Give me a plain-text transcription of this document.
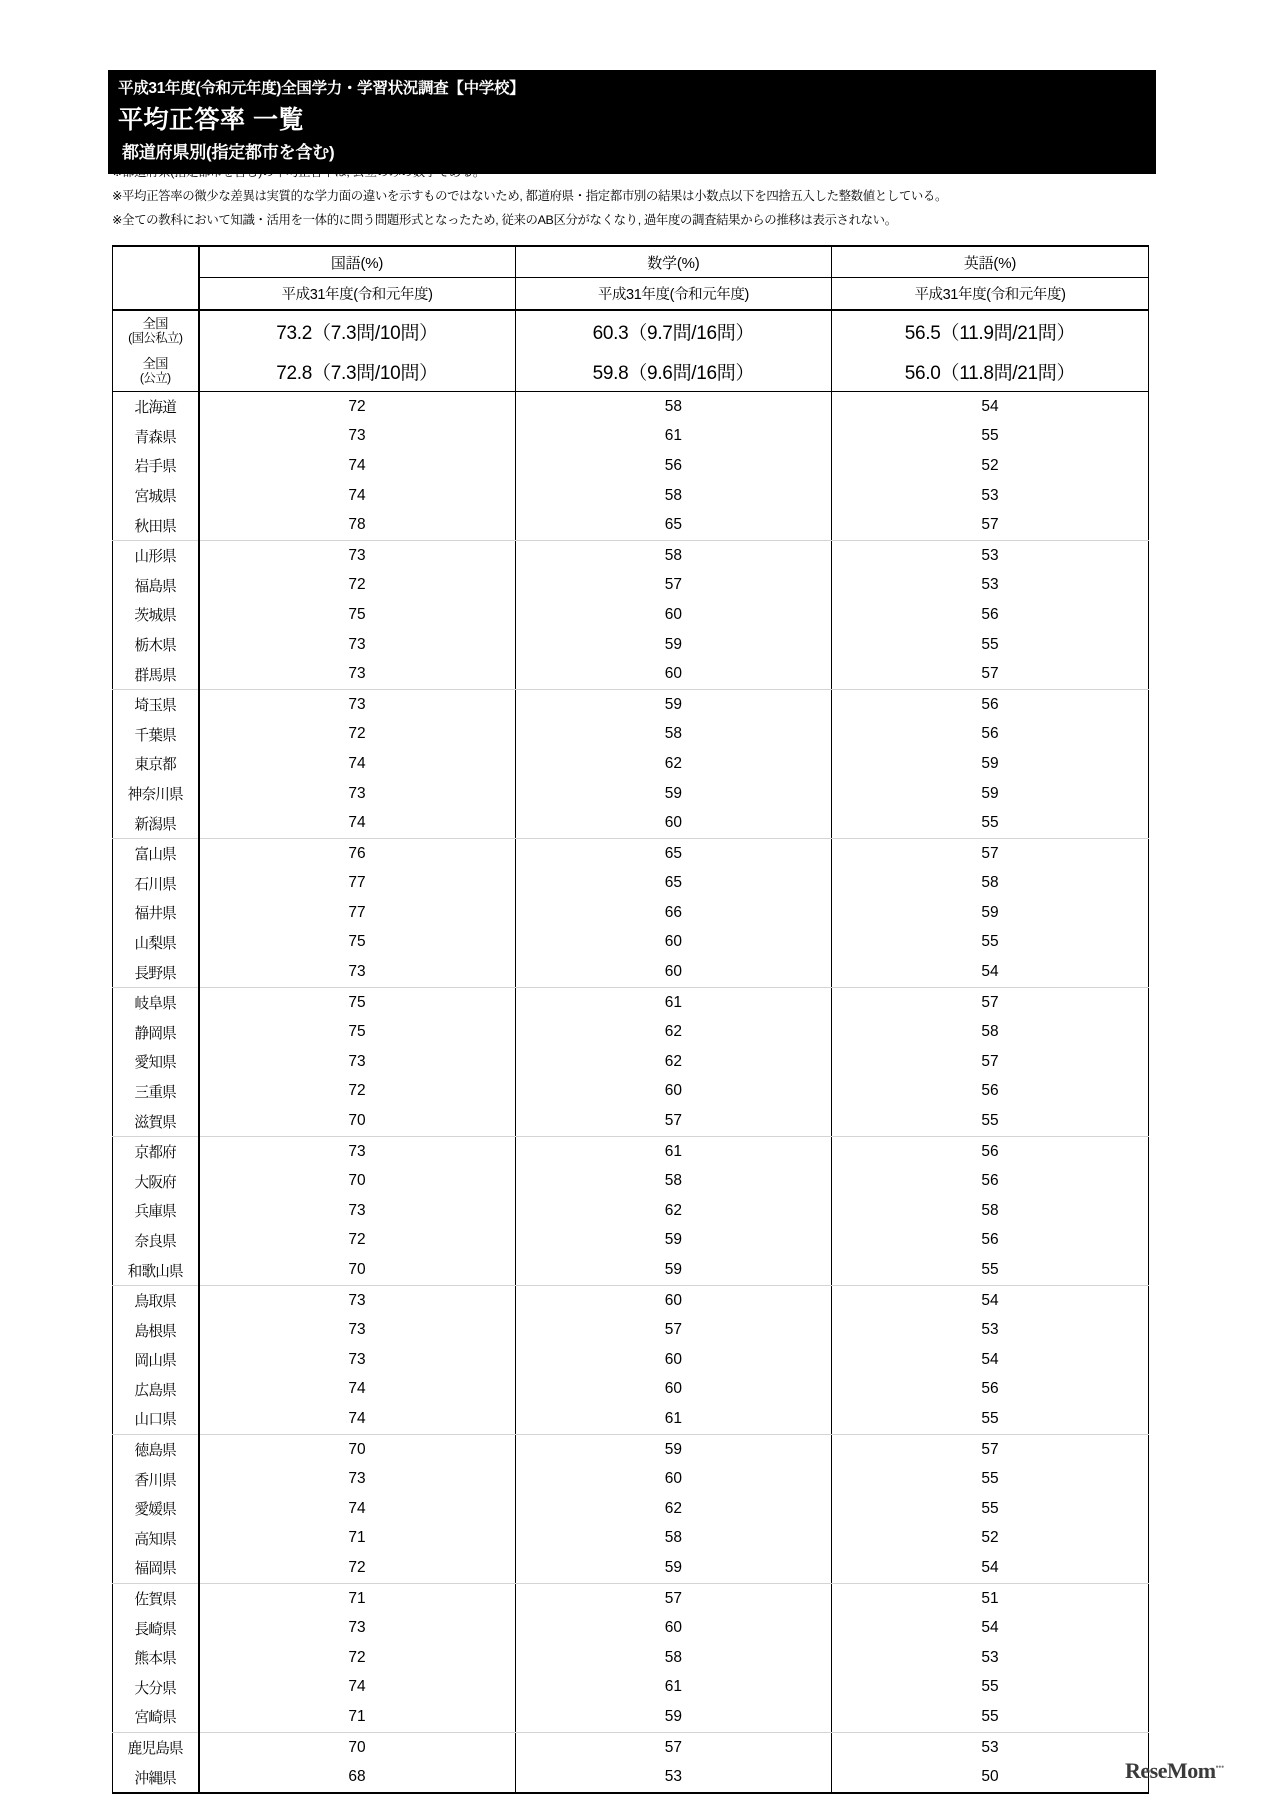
平成31年度(令和元年度)全国学力・学習状況調査【中学校】
平均正答率 一覧
都道府県別(指定都市を含む)
※都道府県(指定都市を含む)の平均正答率は, 公立のみの数字である。
※平均正答率の微少な差異は実質的な学力面の違いを示すものではないため, 都道府県・指定都市別の結果は小数点以下を四捨五入した整数値としている。
※全ての教科において知識・活用を一体的に問う問題形式となったため, 従来のAB区分がなくなり, 過年度の調査結果からの推移は表示されない。
	国語(%)	数学(%)	英語(%)
	平成31年度(令和元年度)	平成31年度(令和元年度)	平成31年度(令和元年度)

全国
(国公私立)	73.2（7.3問/10問）	60.3（9.7問/16問）	56.5（11.9問/21問）

全国
(公立)	72.8（7.3問/10問）	59.8（9.6問/16問）	56.0（11.8問/21問）
北海道	72	58	54
青森県	73	61	55
岩手県	74	56	52
宮城県	74	58	53
秋田県	78	65	57
山形県	73	58	53
福島県	72	57	53
茨城県	75	60	56
栃木県	73	59	55
群馬県	73	60	57
埼玉県	73	59	56
千葉県	72	58	56
東京都	74	62	59
神奈川県	73	59	59
新潟県	74	60	55
富山県	76	65	57
石川県	77	65	58
福井県	77	66	59
山梨県	75	60	55
長野県	73	60	54
岐阜県	75	61	57
静岡県	75	62	58
愛知県	73	62	57
三重県	72	60	56
滋賀県	70	57	55
京都府	73	61	56
大阪府	70	58	56
兵庫県	73	62	58
奈良県	72	59	56
和歌山県	70	59	55
鳥取県	73	60	54
島根県	73	57	53
岡山県	73	60	54
広島県	74	60	56
山口県	74	61	55
徳島県	70	59	57
香川県	73	60	55
愛媛県	74	62	55
高知県	71	58	52
福岡県	72	59	54
佐賀県	71	57	51
長崎県	73	60	54
熊本県	72	58	53
大分県	74	61	55
宮崎県	71	59	55
鹿児島県	70	57	53
沖縄県	68	53	50	ReseMom•••
